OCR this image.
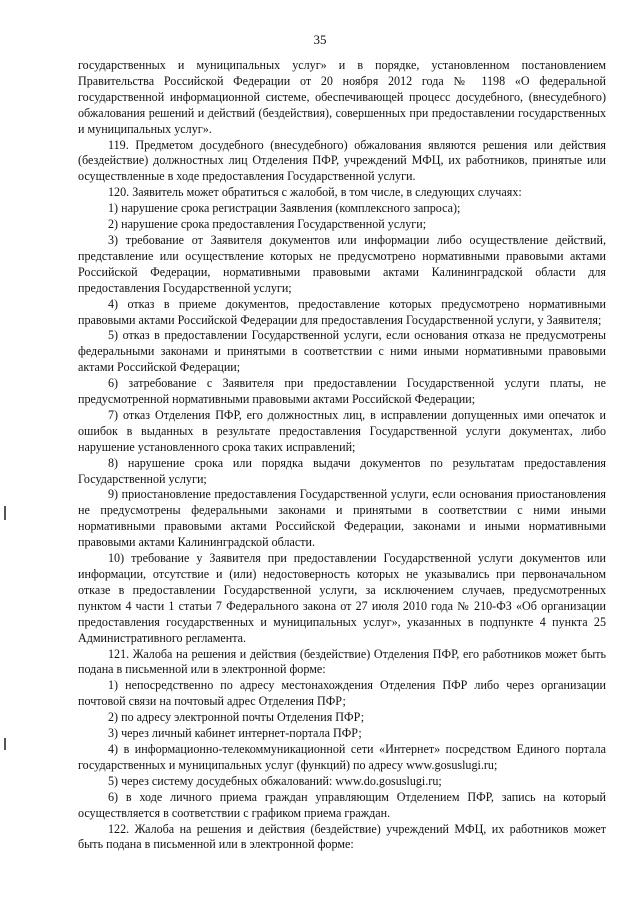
35

государственных и муниципальных услуг» и в порядке, установленном постановлением Правительства Российской Федерации от 20 ноября 2012 года № 1198 «О федеральной государственной информационной системе, обеспечивающей процесс досудебного, (внесудебного) обжалования решений и действий (бездействия), совершенных при предоставлении государственных и муниципальных услуг».

119. Предметом досудебного (внесудебного) обжалования являются решения или действия (бездействие) должностных лиц Отделения ПФР, учреждений МФЦ, их работников, принятые или осуществленные в ходе предоставления Государственной услуги.

120. Заявитель может обратиться с жалобой, в том числе, в следующих случаях:

1) нарушение срока регистрации Заявления (комплексного запроса);

2) нарушение срока предоставления Государственной услуги;

3) требование от Заявителя документов или информации либо осуществление действий, представление или осуществление которых не предусмотрено нормативными правовыми актами Российской Федерации, нормативными правовыми актами Калининградской области для предоставления Государственной услуги;

4) отказ в приеме документов, предоставление которых предусмотрено нормативными правовыми актами Российской Федерации для предоставления Государственной услуги, у Заявителя;

5) отказ в предоставлении Государственной услуги, если основания отказа не предусмотрены федеральными законами и принятыми в соответствии с ними иными нормативными правовыми актами Российской Федерации;

6) затребование с Заявителя при предоставлении Государственной услуги платы, не предусмотренной нормативными правовыми актами Российской Федерации;

7) отказ Отделения ПФР, его должностных лиц, в исправлении допущенных ими опечаток и ошибок в выданных в результате предоставления Государственной услуги документах, либо нарушение установленного срока таких исправлений;

8) нарушение срока или порядка выдачи документов по результатам предоставления Государственной услуги;

9) приостановление предоставления Государственной услуги, если основания приостановления не предусмотрены федеральными законами и принятыми в соответствии с ними иными нормативными правовыми актами Российской Федерации, законами и иными нормативными правовыми актами Калининградской области.

10) требование у Заявителя при предоставлении Государственной услуги документов или информации, отсутствие и (или) недостоверность которых не указывались при первоначальном отказе в предоставлении Государственной услуги, за исключением случаев, предусмотренных пунктом 4 части 1 статьи 7 Федерального закона от 27 июля 2010 года № 210-ФЗ «Об организации предоставления государственных и муниципальных услуг», указанных в подпункте 4 пункта 25 Административного регламента.

121. Жалоба на решения и действия (бездействие) Отделения ПФР, его работников может быть подана в письменной или в электронной форме:

1) непосредственно по адресу местонахождения Отделения ПФР либо через организации почтовой связи на почтовый адрес Отделения ПФР;

2) по адресу электронной почты Отделения ПФР;

3) через личный кабинет интернет-портала ПФР;

4) в информационно-телекоммуникационной сети «Интернет» посредством Единого портала государственных и муниципальных услуг (функций) по адресу www.gosuslugi.ru;

5) через систему досудебных обжалований: www.do.gosuslugi.ru;

6) в ходе личного приема граждан управляющим Отделением ПФР, запись на который осуществляется в соответствии с графиком приема граждан.

122. Жалоба на решения и действия (бездействие) учреждений МФЦ, их работников может быть подана в письменной или в электронной форме:
